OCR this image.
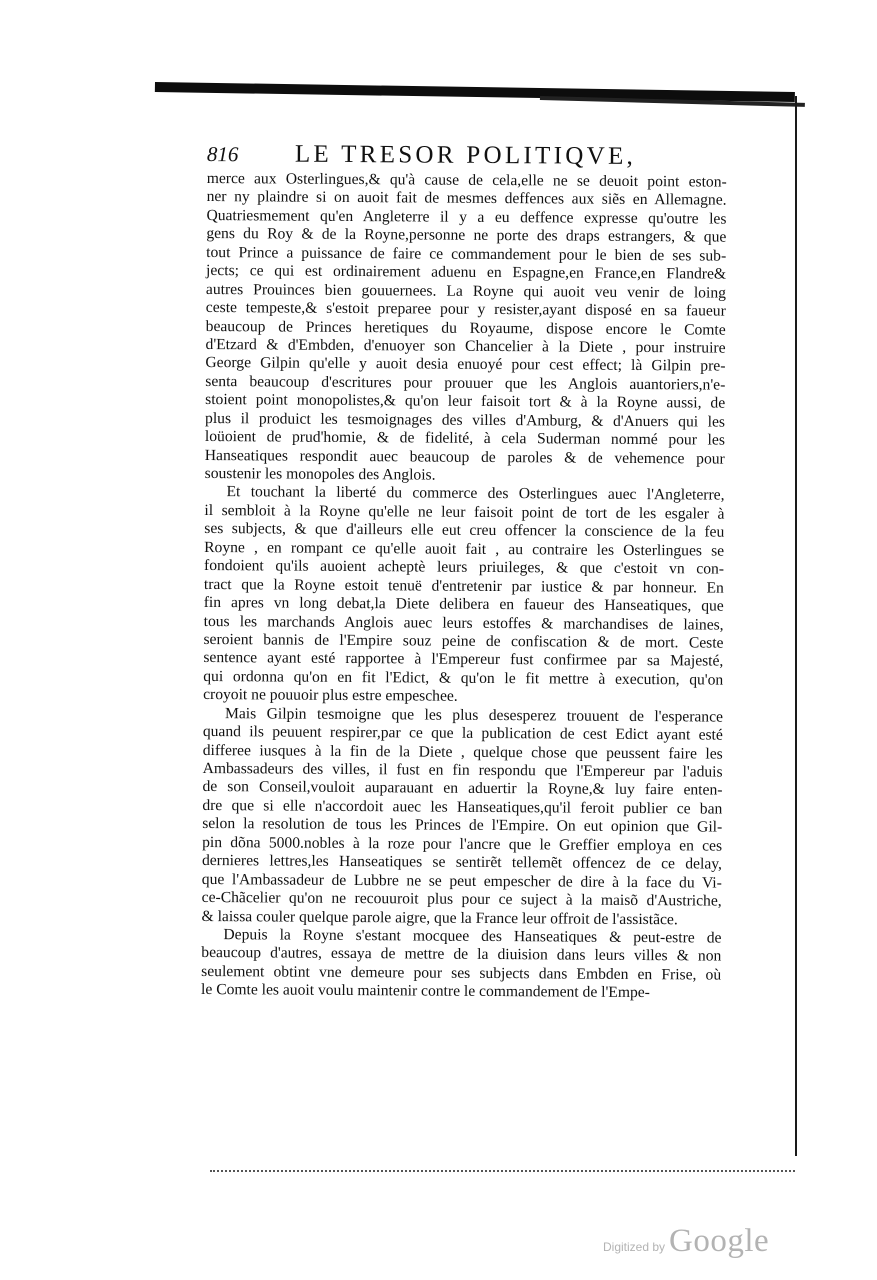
816	LE TRESOR POLITIQVE,
merce aux Osterlingues,& qu'à cause de cela,elle ne se deuoit point eston-
ner ny plaindre si on auoit fait de mesmes deffences aux siẽs en Allemagne.
Quatriesmement qu'en Angleterre il y a eu deffence expresse qu'outre les
gens du Roy & de la Royne,personne ne porte des draps estrangers, & que
tout Prince a puissance de faire ce commandement pour le bien de ses sub-
jects; ce qui est ordinairement aduenu en Espagne,en France,en Flandre&
autres Prouinces bien gouuernees. La Royne qui auoit veu venir de loing
ceste tempeste,& s'estoit preparee pour y resister,ayant disposé en sa faueur
beaucoup de Princes heretiques du Royaume, dispose encore le Comte
d'Etzard & d'Embden, d'enuoyer son Chancelier à la Diete , pour instruire
George Gilpin qu'elle y auoit desia enuoyé pour cest effect; là Gilpin pre-
senta beaucoup d'escritures pour prouuer que les Anglois auantoriers,n'e-
stoient point monopolistes,& qu'on leur faisoit tort & à la Royne aussi, de
plus il produict les tesmoignages des villes d'Amburg, & d'Anuers qui les
loüoient de prud'homie, & de fidelité, à cela Suderman nommé pour les
Hanseatiques respondit auec beaucoup de paroles & de vehemence pour
soustenir les monopoles des Anglois.
Et touchant la liberté du commerce des Osterlingues auec l'Angleterre,
il sembloit à la Royne qu'elle ne leur faisoit point de tort de les esgaler à
ses subjects, & que d'ailleurs elle eut creu offencer la conscience de la feu
Royne , en rompant ce qu'elle auoit fait , au contraire les Osterlingues se
fondoient qu'ils auoient acheptè leurs priuileges, & que c'estoit vn con-
tract que la Royne estoit tenuë d'entretenir par iustice & par honneur. En
fin apres vn long debat,la Diete delibera en faueur des Hanseatiques, que
tous les marchands Anglois auec leurs estoffes & marchandises de laines,
seroient bannis de l'Empire souz peine de confiscation & de mort. Ceste
sentence ayant esté rapportee à l'Empereur fust confirmee par sa Majesté,
qui ordonna qu'on en fit l'Edict, & qu'on le fit mettre à execution, qu'on
croyoit ne pouuoir plus estre empeschee.
Mais Gilpin tesmoigne que les plus desesperez trouuent de l'esperance
quand ils peuuent respirer,par ce que la publication de cest Edict ayant esté
differee iusques à la fin de la Diete , quelque chose que peussent faire les
Ambassadeurs des villes, il fust en fin respondu que l'Empereur par l'aduis
de son Conseil,vouloit auparauant en aduertir la Royne,& luy faire enten-
dre que si elle n'accordoit auec les Hanseatiques,qu'il feroit publier ce ban
selon la resolution de tous les Princes de l'Empire. On eut opinion que Gil-
pin dõna 5000.nobles à la roze pour l'ancre que le Greffier employa en ces
dernieres lettres,les Hanseatiques se sentirẽt tellemẽt offencez de ce delay,
que l'Ambassadeur de Lubbre ne se peut empescher de dire à la face du Vi-
ce-Chãcelier qu'on ne recouuroit plus pour ce suject à la maisõ d'Austriche,
& laissa couler quelque parole aigre, que la France leur offroit de l'assistãce.
Depuis la Royne s'estant mocquee des Hanseatiques & peut-estre de
beaucoup d'autres, essaya de mettre de la diuision dans leurs villes & non
seulement obtint vne demeure pour ses subjects dans Embden en Frise, où
le Comte les auoit voulu maintenir contre le commandement de l'Empe-
Digitized by Google
